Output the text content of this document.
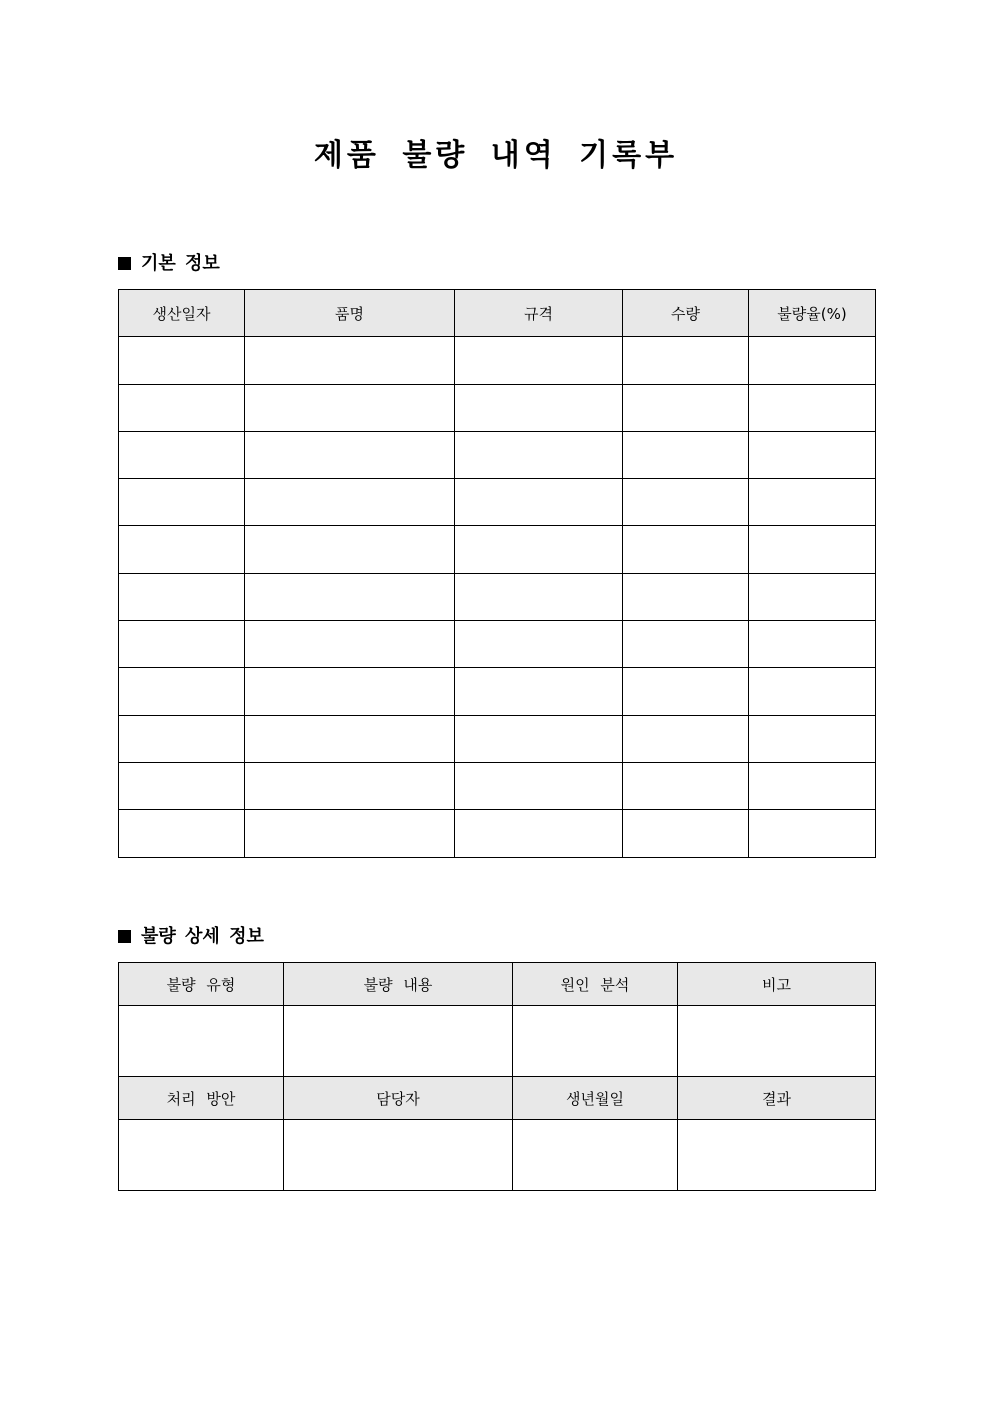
제품 불량 내역 기록부
기본 정보
생산일자	품명	규격	수량	불량율(%)

불량 상세 정보
불량 유형	불량 내용	원인 분석	비고

처리 방안	담당자	생년월일	결과
